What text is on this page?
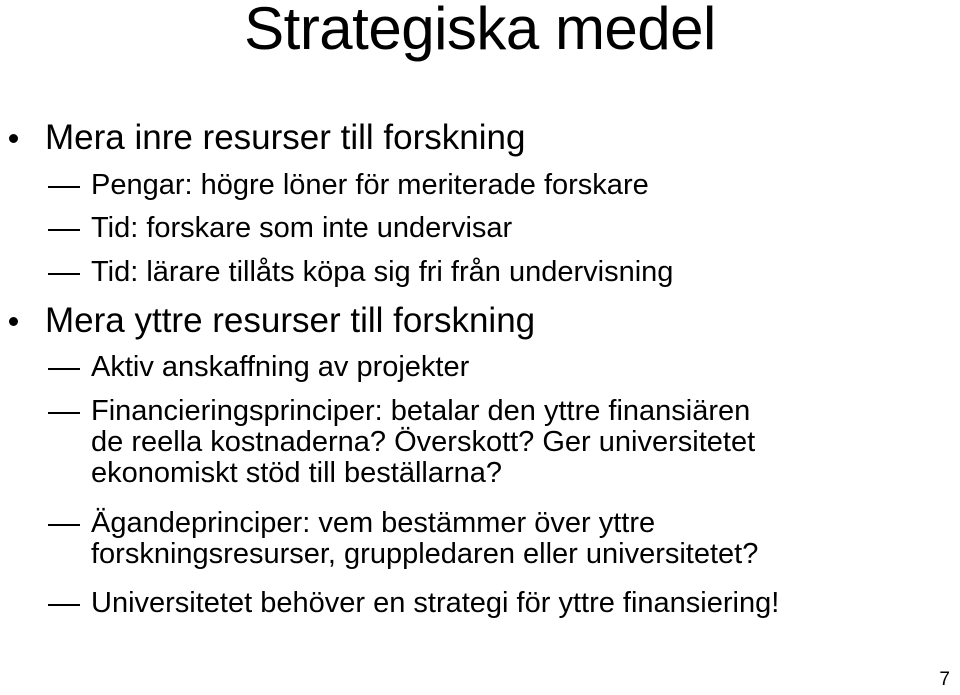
Strategiska medel
Mera inre resurser till forskning
Pengar: högre löner för meriterade forskare
Tid: forskare som inte undervisar
Tid: lärare tillåts köpa sig fri från undervisning
Mera yttre resurser till forskning
Aktiv anskaffning av projekter
Financieringsprinciper: betalar den yttre finansiären
de reella kostnaderna? Överskott? Ger universitetet
ekonomiskt stöd till beställarna?
Ägandeprinciper: vem bestämmer över yttre
forskningsresurser, gruppledaren eller universitetet?
Universitetet behöver en strategi för yttre finansiering!
7
